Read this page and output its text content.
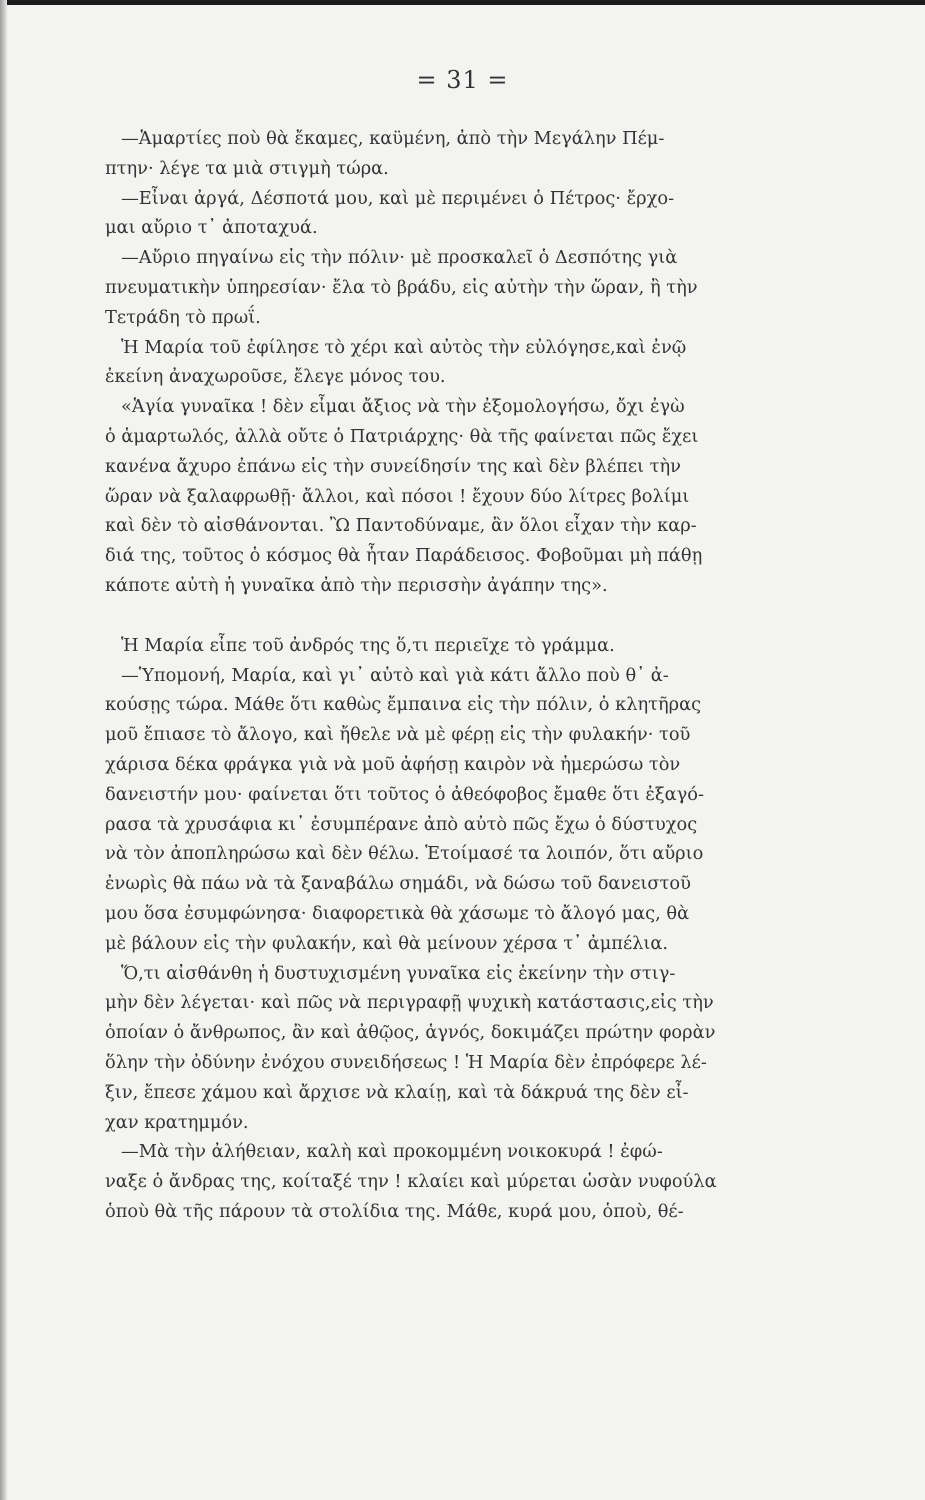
= 31 =
—Ἁμαρτίες ποὺ θὰ ἔκαμες, καϋμένη, ἀπὸ τὴν Μεγάλην Πέμ-
πτην· λέγε τα μιὰ στιγμὴ τώρα.
—Εἶναι ἀργά, Δέσποτά μου, καὶ μὲ περιμένει ὁ Πέτρος· ἔρχο-
μαι αὔριο τ᾽ ἀποταχυά.
—Αὔριο πηγαίνω εἰς τὴν πόλιν· μὲ προσκαλεῖ ὁ Δεσπότης γιὰ
πνευματικὴν ὑπηρεσίαν· ἔλα τὸ βράδυ, εἰς αὐτὴν τὴν ὥραν, ἢ τὴν
Τετράδη τὸ πρωΐ.
Ἡ Μαρία τοῦ ἐφίλησε τὸ χέρι καὶ αὐτὸς τὴν εὐλόγησε,καὶ ἐνῷ
ἐκείνη ἀναχωροῦσε, ἔλεγε μόνος του.
«Ἁγία γυναῖκα ! δὲν εἶμαι ἄξιος νὰ τὴν ἐξομολογήσω, ὄχι ἐγὼ
ὁ ἁμαρτωλός, ἀλλὰ οὔτε ὁ Πατριάρχης· θὰ τῆς φαίνεται πῶς ἔχει
κανένα ἄχυρο ἐπάνω εἰς τὴν συνείδησίν της καὶ δὲν βλέπει τὴν
ὥραν νὰ ξαλαφρωθῇ· ἄλλοι, καὶ πόσοι ! ἔχουν δύο λίτρες βολίμι
καὶ δὲν τὸ αἰσθάνονται. Ὢ Παντοδύναμε, ἂν ὅλοι εἶχαν τὴν καρ-
διά της, τοῦτος ὁ κόσμος θὰ ἦταν Παράδεισος. Φοβοῦμαι μὴ πάθῃ
κάποτε αὐτὴ ἡ γυναῖκα ἀπὸ τὴν περισσὴν ἀγάπην της».
Ἡ Μαρία εἶπε τοῦ ἀνδρός της ὅ,τι περιεῖχε τὸ γράμμα.
—Ὑπομονή, Μαρία, καὶ γι᾽ αὐτὸ καὶ γιὰ κάτι ἄλλο ποὺ θ᾽ ἀ-
κούσῃς τώρα. Μάθε ὅτι καθὼς ἔμπαινα εἰς τὴν πόλιν, ὁ κλητῆρας
μοῦ ἔπιασε τὸ ἄλογο, καὶ ἤθελε νὰ μὲ φέρῃ εἰς τὴν φυλακήν· τοῦ
χάρισα δέκα φράγκα γιὰ νὰ μοῦ ἀφήσῃ καιρὸν νὰ ἡμερώσω τὸν
δανειστήν μου· φαίνεται ὅτι τοῦτος ὁ ἀθεόφοβος ἔμαθε ὅτι ἐξαγό-
ρασα τὰ χρυσάφια κι᾽ ἐσυμπέρανε ἀπὸ αὐτὸ πῶς ἔχω ὁ δύστυχος
νὰ τὸν ἀποπληρώσω καὶ δὲν θέλω. Ἑτοίμασέ τα λοιπόν, ὅτι αὔριο
ἐνωρὶς θὰ πάω νὰ τὰ ξαναβάλω σημάδι, νὰ δώσω τοῦ δανειστοῦ
μου ὅσα ἐσυμφώνησα· διαφορετικὰ θὰ χάσωμε τὸ ἄλογό μας, θὰ
μὲ βάλουν εἰς τὴν φυλακήν, καὶ θὰ μείνουν χέρσα τ᾽ ἀμπέλια.
Ὅ,τι αἰσθάνθη ἡ δυστυχισμένη γυναῖκα εἰς ἐκείνην τὴν στιγ-
μὴν δὲν λέγεται· καὶ πῶς νὰ περιγραφῇ ψυχικὴ κατάστασις,εἰς τὴν
ὁποίαν ὁ ἄνθρωπος, ἂν καὶ ἀθῷος, ἁγνός, δοκιμάζει πρώτην φορὰν
ὅλην τὴν ὀδύνην ἐνόχου συνειδήσεως ! Ἡ Μαρία δὲν ἐπρόφερε λέ-
ξιν, ἔπεσε χάμου καὶ ἄρχισε νὰ κλαίῃ, καὶ τὰ δάκρυά της δὲν εἶ-
χαν κρατημμόν.
—Μὰ τὴν ἀλήθειαν, καλὴ καὶ προκομμένη νοικοκυρά ! ἐφώ-
ναξε ὁ ἄνδρας της, κοίταξέ την ! κλαίει καὶ μύρεται ὡσὰν νυφούλα
ὁποὺ θὰ τῆς πάρουν τὰ στολίδια της. Μάθε, κυρά μου, ὁποὺ, θέ-
